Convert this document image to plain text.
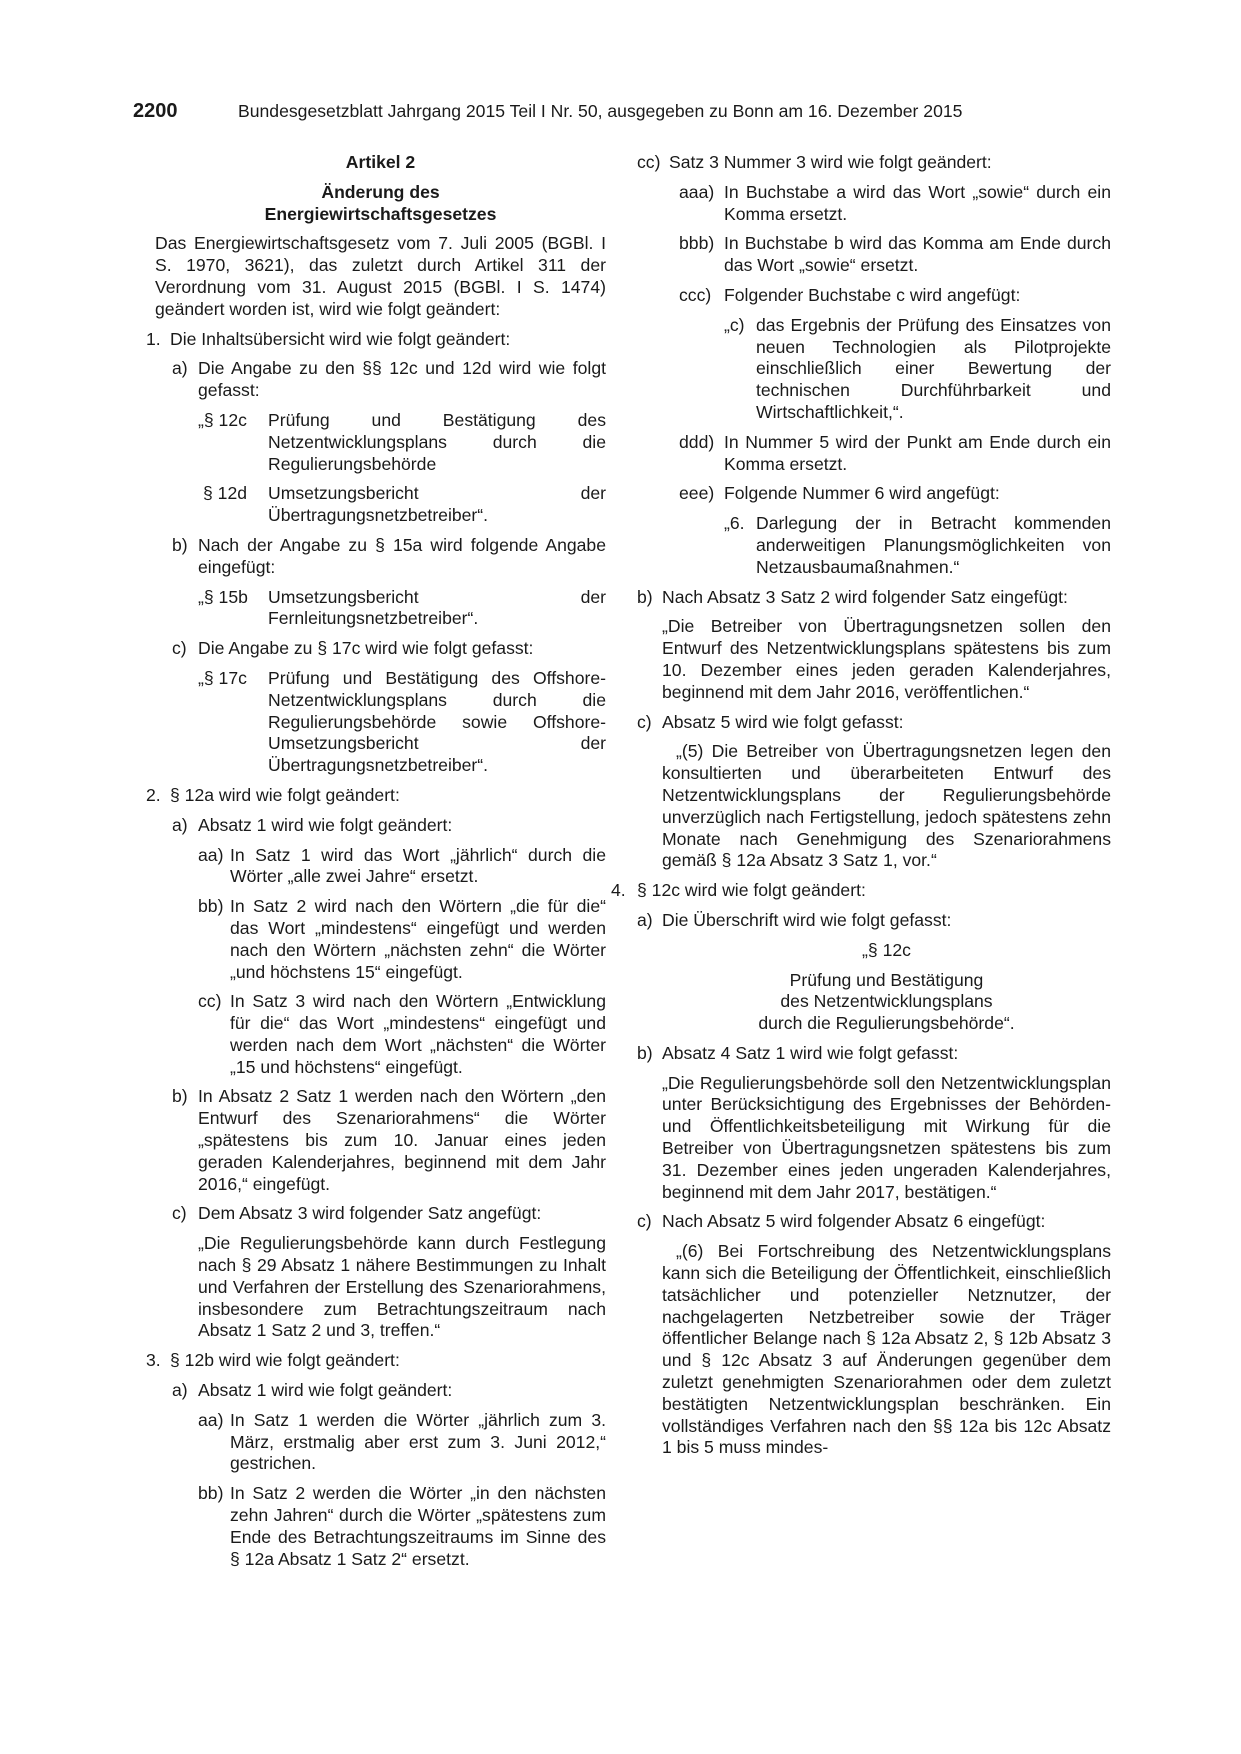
2200	Bundesgesetzblatt Jahrgang 2015 Teil I Nr. 50, ausgegeben zu Bonn am 16. Dezember 2015

Artikel 2

Änderung des

Energiewirtschaftsgesetzes

Das Energiewirtschaftsgesetz vom 7. Juli 2005 (BGBl. I S. 1970, 3621), das zuletzt durch Artikel 311 der Verordnung vom 31. August 2015 (BGBl. I S. 1474) geändert worden ist, wird wie folgt geändert:

1. Die Inhaltsübersicht wird wie folgt geändert:
a) Die Angabe zu den §§ 12c und 12d wird wie folgt gefasst:
„§ 12c	Prüfung und Bestätigung des Netzentwicklungsplans durch die Regulierungsbehörde
§ 12d	Umsetzungsbericht der Übertragungsnetzbetreiber“.
b) Nach der Angabe zu § 15a wird folgende Angabe eingefügt:
„§ 15b	Umsetzungsbericht der Fernleitungsnetzbetreiber“.
c) Die Angabe zu § 17c wird wie folgt gefasst:
„§ 17c	Prüfung und Bestätigung des Offshore-Netzentwicklungsplans durch die Regulierungsbehörde sowie Offshore-Umsetzungsbericht der Übertragungsnetzbetreiber“.
2. § 12a wird wie folgt geändert:
a) Absatz 1 wird wie folgt geändert:
aa) In Satz 1 wird das Wort „jährlich“ durch die Wörter „alle zwei Jahre“ ersetzt.
bb) In Satz 2 wird nach den Wörtern „die für die“ das Wort „mindestens“ eingefügt und werden nach den Wörtern „nächsten zehn“ die Wörter „und höchstens 15“ eingefügt.
cc) In Satz 3 wird nach den Wörtern „Entwicklung für die“ das Wort „mindestens“ eingefügt und werden nach dem Wort „nächsten“ die Wörter „15 und höchstens“ eingefügt.
b) In Absatz 2 Satz 1 werden nach den Wörtern „den Entwurf des Szenariorahmens“ die Wörter „spätestens bis zum 10. Januar eines jeden geraden Kalenderjahres, beginnend mit dem Jahr 2016,“ eingefügt.
c) Dem Absatz 3 wird folgender Satz angefügt:

„Die Regulierungsbehörde kann durch Festlegung nach § 29 Absatz 1 nähere Bestimmungen zu Inhalt und Verfahren der Erstellung des Szenariorahmens, insbesondere zum Betrachtungszeitraum nach Absatz 1 Satz 2 und 3, treffen.“

3. § 12b wird wie folgt geändert:
a) Absatz 1 wird wie folgt geändert:
aa) In Satz 1 werden die Wörter „jährlich zum 3. März, erstmalig aber erst zum 3. Juni 2012,“ gestrichen.
bb) In Satz 2 werden die Wörter „in den nächsten zehn Jahren“ durch die Wörter „spätestens zum Ende des Betrachtungszeitraums im Sinne des § 12a Absatz 1 Satz 2“ ersetzt.
cc) Satz 3 Nummer 3 wird wie folgt geändert:
aaa) In Buchstabe a wird das Wort „sowie“ durch ein Komma ersetzt.
bbb) In Buchstabe b wird das Komma am Ende durch das Wort „sowie“ ersetzt.
ccc) Folgender Buchstabe c wird angefügt:
„c) das Ergebnis der Prüfung des Einsatzes von neuen Technologien als Pilotprojekte einschließlich einer Bewertung der technischen Durchführbarkeit und Wirtschaftlichkeit,“.
ddd) In Nummer 5 wird der Punkt am Ende durch ein Komma ersetzt.
eee) Folgende Nummer 6 wird angefügt:
„6. Darlegung der in Betracht kommenden anderweitigen Planungsmöglichkeiten von Netzausbaumaßnahmen.“
b) Nach Absatz 3 Satz 2 wird folgender Satz eingefügt:

„Die Betreiber von Übertragungsnetzen sollen den Entwurf des Netzentwicklungsplans spätestens bis zum 10. Dezember eines jeden geraden Kalenderjahres, beginnend mit dem Jahr 2016, veröffentlichen.“

c) Absatz 5 wird wie folgt gefasst:

„(5) Die Betreiber von Übertragungsnetzen legen den konsultierten und überarbeiteten Entwurf des Netzentwicklungsplans der Regulierungsbehörde unverzüglich nach Fertigstellung, jedoch spätestens zehn Monate nach Genehmigung des Szenariorahmens gemäß § 12a Absatz 3 Satz 1, vor.“

4. § 12c wird wie folgt geändert:
a) Die Überschrift wird wie folgt gefasst:

„§ 12c

Prüfung und Bestätigung

des Netzentwicklungsplans

durch die Regulierungsbehörde“.

b) Absatz 4 Satz 1 wird wie folgt gefasst:

„Die Regulierungsbehörde soll den Netzentwicklungsplan unter Berücksichtigung des Ergebnisses der Behörden- und Öffentlichkeitsbeteiligung mit Wirkung für die Betreiber von Übertragungsnetzen spätestens bis zum 31. Dezember eines jeden ungeraden Kalenderjahres, beginnend mit dem Jahr 2017, bestätigen.“

c) Nach Absatz 5 wird folgender Absatz 6 eingefügt:

„(6) Bei Fortschreibung des Netzentwicklungsplans kann sich die Beteiligung der Öffentlichkeit, einschließlich tatsächlicher und potenzieller Netznutzer, der nachgelagerten Netzbetreiber sowie der Träger öffentlicher Belange nach § 12a Absatz 2, § 12b Absatz 3 und § 12c Absatz 3 auf Änderungen gegenüber dem zuletzt genehmigten Szenariorahmen oder dem zuletzt bestätigten Netzentwicklungsplan beschränken. Ein vollständiges Verfahren nach den §§ 12a bis 12c Absatz 1 bis 5 muss mindes-
